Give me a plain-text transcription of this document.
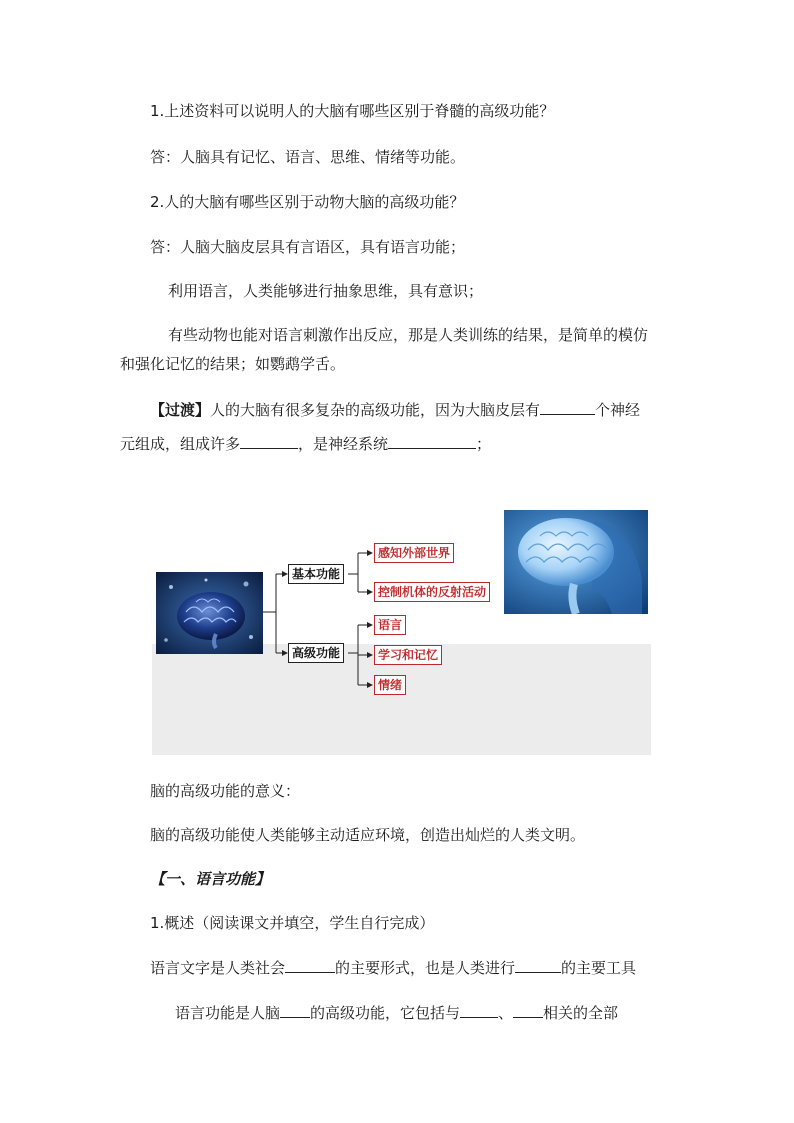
1.上述资料可以说明人的大脑有哪些区别于脊髓的高级功能？
答：人脑具有记忆、语言、思维、情绪等功能。
2.人的大脑有哪些区别于动物大脑的高级功能？
答：人脑大脑皮层具有言语区，具有语言功能；
利用语言，人类能够进行抽象思维，具有意识；
有些动物也能对语言刺激作出反应，那是人类训练的结果，是简单的模仿
和强化记忆的结果；如鹦鹉学舌。
【过渡】人的大脑有很多复杂的高级功能，因为大脑皮层有	个神经
元组成，组成许多	，是神经系统	；
基本功能
高级功能
感知外部世界
控制机体的反射活动
语言
学习和记忆
情绪
脑的高级功能的意义：
脑的高级功能使人类能够主动适应环境，创造出灿烂的人类文明。
【一、语言功能】
1.概述（阅读课文并填空，学生自行完成）
语言文字是人类社会	的主要形式，也是人类进行	的主要工具
语言功能是人脑 的高级功能，它包括与	、 相关的全部
